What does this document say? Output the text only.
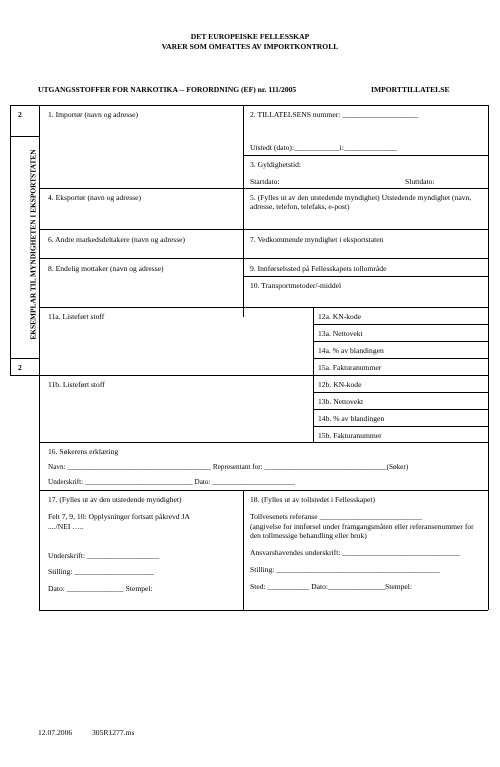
DET EUROPEISKE FELLESSKAP
VARER SOM OMFATTES AV IMPORTKONTROLL
UTGANGSSTOFFER FOR NARKOTIKA -- FORORDNING (EF) nr. 111/2005	IMPORTTILLATELSE
2
EKSEMPLAR TIL MYNDIGHETEN I EKSPORTSTATEN
2
1. Importør (navn og adresse)	2. TILLATELSENS nummer: ____________________
Utstedt (dato):____________i:______________
3. Gyldighetstid:
Startdato:	Sluttdato:
4. Eksportør (navn og adresse)	5. (Fylles ut av den utstedende myndighet) Utstedende myndighet (navn, adresse, telefon, telefaks, e-post)
6. Andre markedsdeltakere (navn og adresse)	7. Vedkommende myndighet i eksportstaten
8. Endelig mottaker (navn og adresse)	9. Innførselssted på Fellesskapets tollområde
10. Transportmetoder/-middel
11a. Listeført stoff	12a. KN-kode
13a. Nettovekt
14a. % av blandingen
15a. Fakturanummer
11b. Listeført stoff	12b. KN-kode
13b. Nettovekt
14b. % av blandingen
15b. Fakturanummer
16. Søkerens erklæring
Navn: ________________________________________ Representant for: __________________________________(Søker)
Underskrift: ______________________________ Dato: _______________________
17. (Fylles ut av den utstedende myndighet)
Felt 7, 9, 10: Opplysninger fortsatt påkrevd JA
..../NEI …..
Underskrift: ___________________
Stilling: _____________________
Dato: _______________ Stempel:
18. (Fylles ut av tollstedet i Fellesskapet)
Tollvesenets referanse ___________________________
(angivelse for innførsel under framgangsmåten eller referansenummer for den tollmessige behandling eller bruk)
Ansvarshavendes underskrift: _______________________________
Stilling: ___________________________________________
Sted: ___________ Dato:_______________Stempel:
12.07.2006	305R1277.ms
